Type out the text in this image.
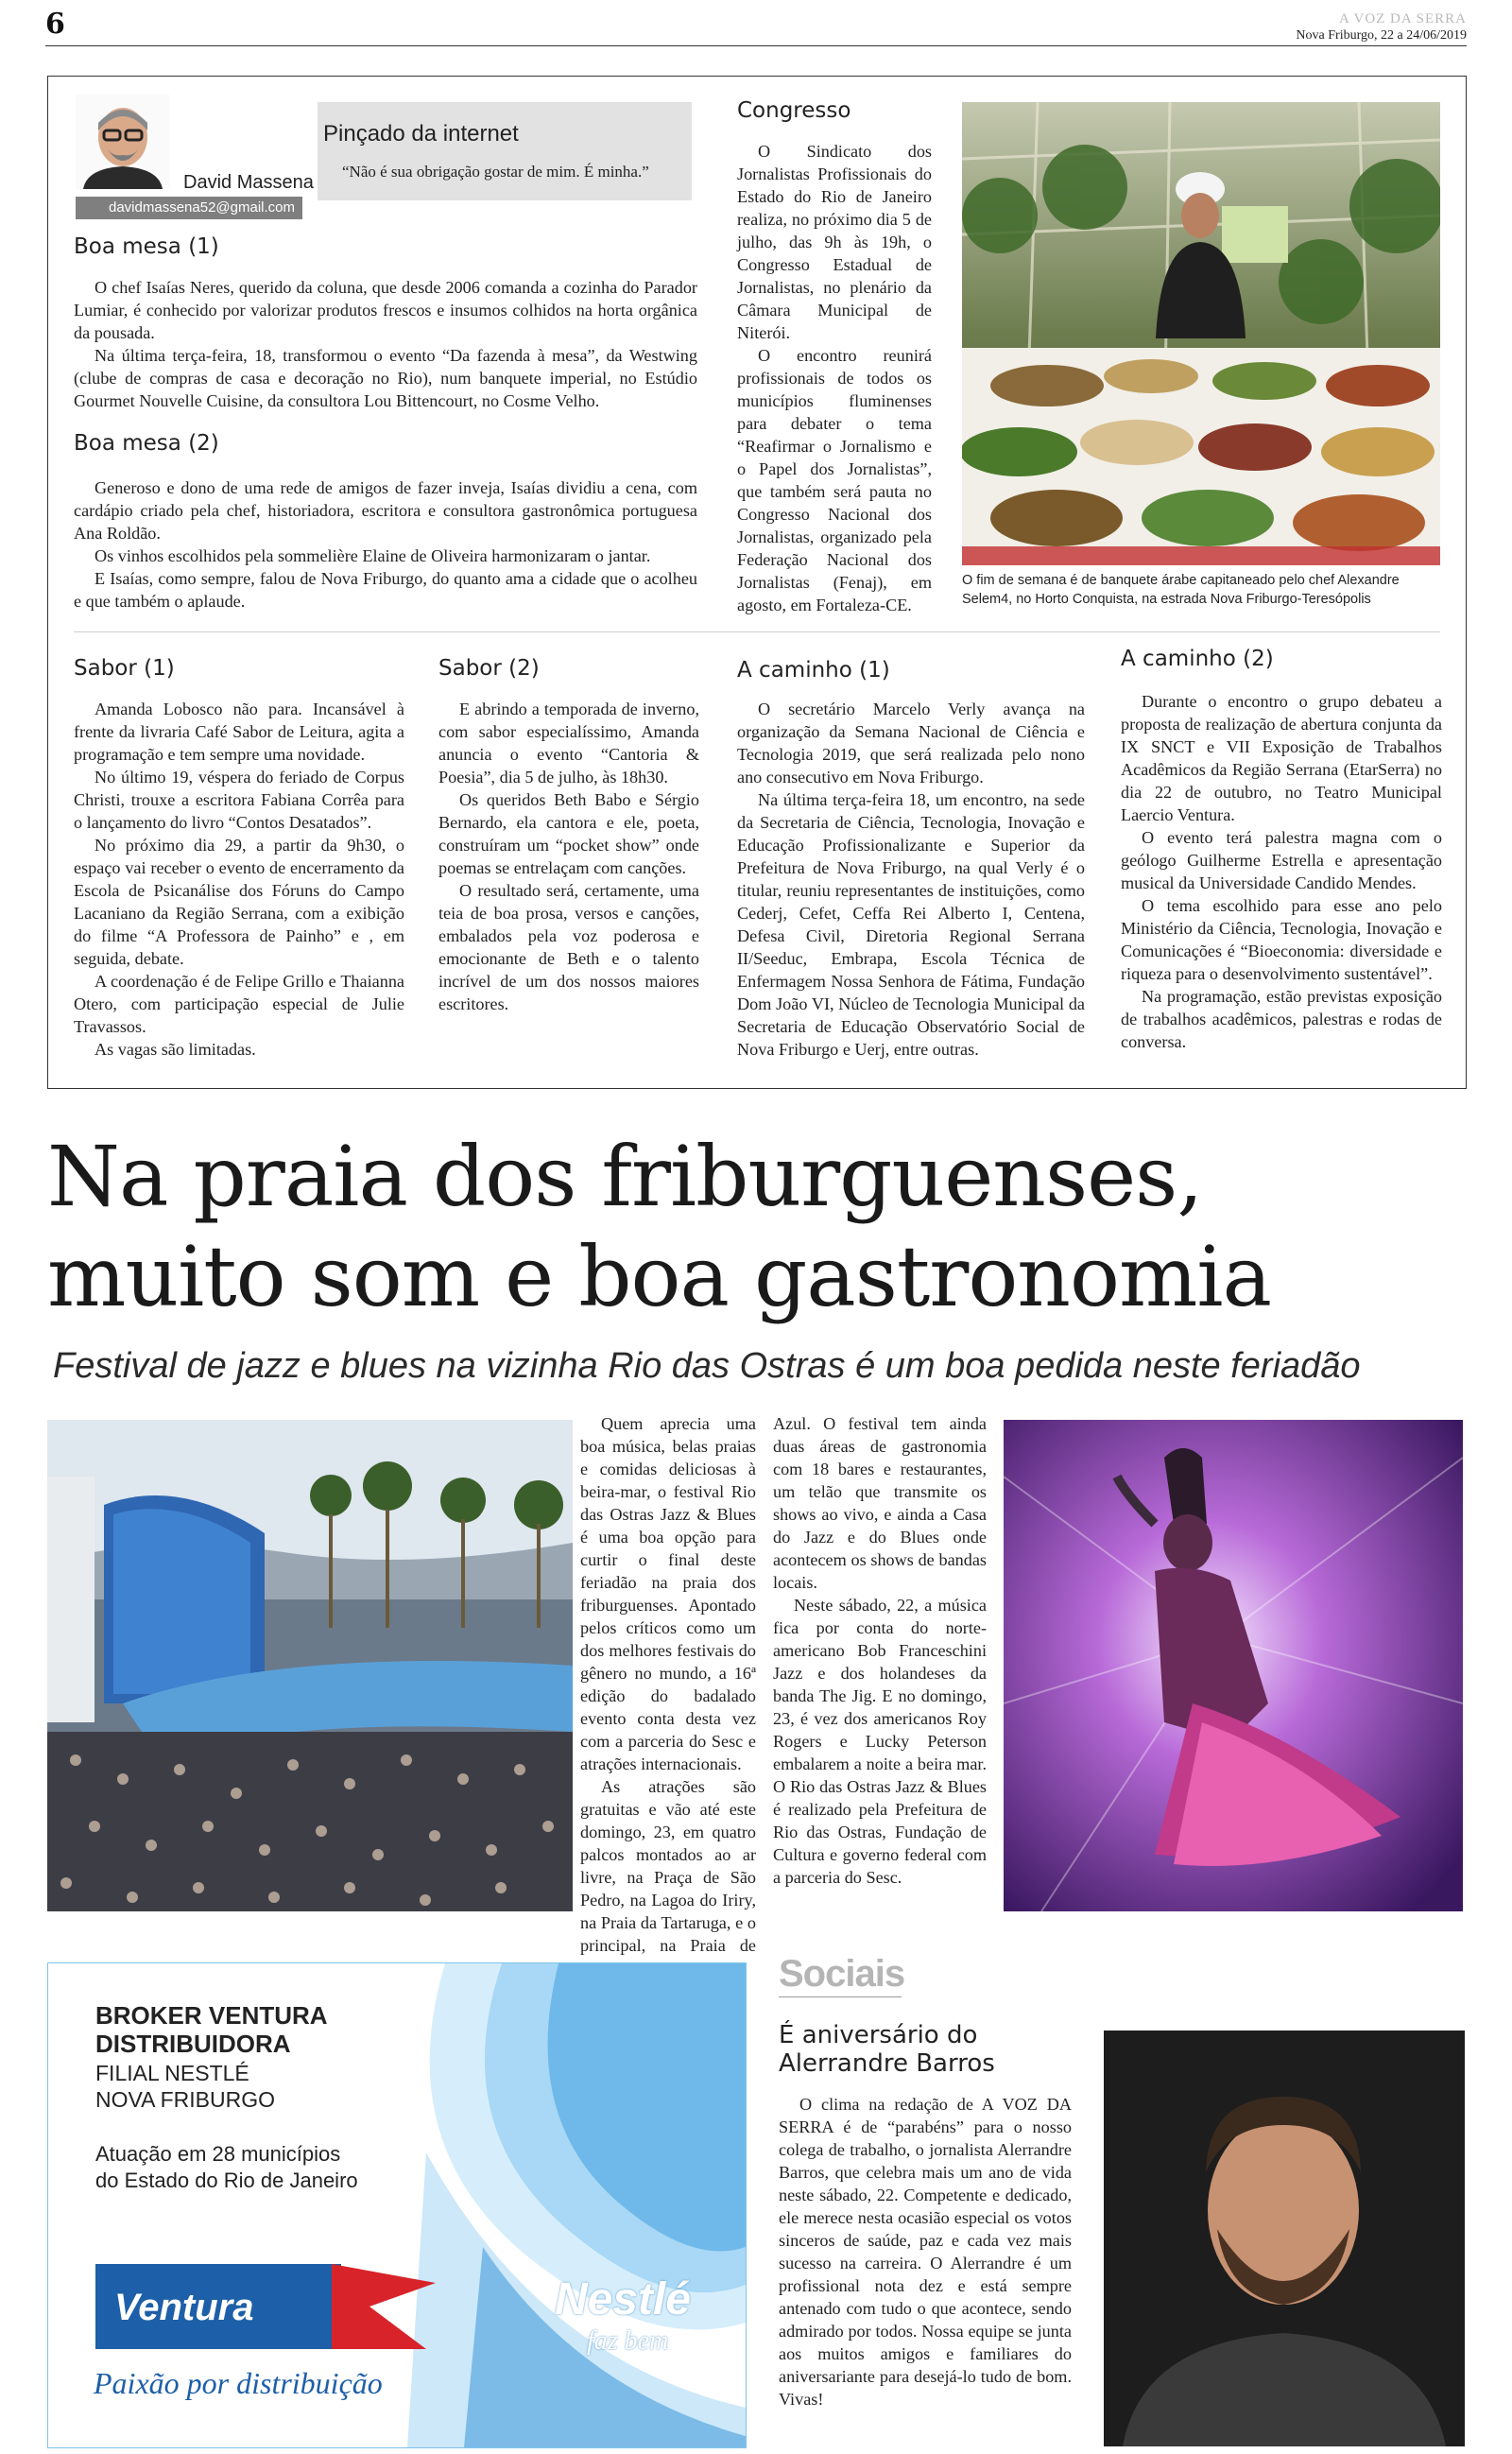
6	A VOZ DA SERRA
Nova Friburgo, 22 a 24/06/2019
David Massena
davidmassena52@gmail.com
Pinçado da internet
“Não é sua obrigação gostar de mim. É minha.”
Boa mesa (1)

O chef Isaías Neres, querido da coluna, que desde 2006 comanda a cozinha do Parador Lumiar, é conhecido por valorizar produtos frescos e insumos colhidos na horta orgânica da pousada.

Na última terça-feira, 18, transformou o evento “Da fazenda à mesa”, da Westwing (clube de compras de casa e decoração no Rio), num banquete imperial, no Estúdio Gourmet Nouvelle Cuisine, da consultora Lou Bittencourt, no Cosme Velho.

Boa mesa (2)

Generoso e dono de uma rede de amigos de fazer inveja, Isaías dividiu a cena, com cardápio criado pela chef, historiadora, escritora e consultora gastronômica portuguesa Ana Roldão.

Os vinhos escolhidos pela sommelière Elaine de Oliveira harmonizaram o jantar.

E Isaías, como sempre, falou de Nova Friburgo, do quanto ama a cidade que o acolheu e que também o aplaude.

Congresso

O Sindicato dos Jornalistas Profissionais do Estado do Rio de Janeiro realiza, no próximo dia 5 de julho, das 9h às 19h, o Congresso Estadual de Jornalistas, no plenário da Câmara Municipal de Niterói.

O encontro reunirá profissionais de todos os municípios fluminenses para debater o tema “Reafirmar o Jornalismo e o Papel dos Jornalistas”, que também será pauta no Congresso Nacional dos Jornalistas, organizado pela Federação Nacional dos Jornalistas (Fenaj), em agosto, em Fortaleza-CE.

O fim de semana é de banquete árabe capitaneado pelo chef Alexandre Selem4, no Horto Conquista, na estrada Nova Friburgo-Teresópolis
Sabor (1)

Amanda Lobosco não para. Incansável à frente da livraria Café Sabor de Leitura, agita a programação e tem sempre uma novidade.

No último 19, véspera do feriado de Corpus Christi, trouxe a escritora Fabiana Corrêa para o lançamento do livro “Contos Desatados”.

No próximo dia 29, a partir da 9h30, o espaço vai receber o evento de encerramento da Escola de Psicanálise dos Fóruns do Campo Lacaniano da Região Serrana, com a exibição do filme “A Professora de Painho” e , em seguida, debate.

A coordenação é de Felipe Grillo e Thaianna Otero, com participação especial de Julie Travassos.

As vagas são limitadas.

Sabor (2)

E abrindo a temporada de inverno, com sabor especialíssimo, Amanda anuncia o evento “Cantoria & Poesia”, dia 5 de julho, às 18h30.

Os queridos Beth Babo e Sérgio Bernardo, ela cantora e ele, poeta, construíram um “pocket show” onde poemas se entrelaçam com canções.

O resultado será, certamente, uma teia de boa prosa, versos e canções, embalados pela voz poderosa e emocionante de Beth e o talento incrível de um dos nossos maiores escritores.

A caminho (1)

O secretário Marcelo Verly avança na organização da Semana Nacional de Ciência e Tecnologia 2019, que será realizada pelo nono ano consecutivo em Nova Friburgo.

Na última terça-feira 18, um encontro, na sede da Secretaria de Ciência, Tecnologia, Inovação e Educação Profissionalizante e Superior da Prefeitura de Nova Friburgo, na qual Verly é o titular, reuniu representantes de instituições, como Cederj, Cefet, Ceffa Rei Alberto I, Centena, Defesa Civil, Diretoria Regional Serrana II/Seeduc, Embrapa, Escola Técnica de Enfermagem Nossa Senhora de Fátima, Fundação Dom João VI, Núcleo de Tecnologia Municipal da Secretaria de Educação Observatório Social de Nova Friburgo e Uerj, entre outras.

A caminho (2)

Durante o encontro o grupo debateu a proposta de realização de abertura conjunta da IX SNCT e VII Exposição de Trabalhos Acadêmicos da Região Serrana (EtarSerra) no dia 22 de outubro, no Teatro Municipal Laercio Ventura.

O evento terá palestra magna com o geólogo Guilherme Estrella e apresentação musical da Universidade Candido Mendes.

O tema escolhido para esse ano pelo Ministério da Ciência, Tecnologia, Inovação e Comunicações é “Bioeconomia: diversidade e riqueza para o desenvolvimento sustentável”.

Na programação, estão previstas exposição de trabalhos acadêmicos, palestras e rodas de conversa.

Na praia dos friburguenses,
muito som e boa gastronomia
Festival de jazz e blues na vizinha Rio das Ostras é um boa pedida neste feriadão

Quem aprecia uma boa música, belas praias e comidas deliciosas à beira-mar, o festival Rio das Ostras Jazz & Blues é uma boa opção para curtir o final deste feriadão na praia dos friburguenses. Apontado pelos críticos como um dos melhores festivais do gênero no mundo, a 16ª edição do badalado evento conta desta vez com a parceria do Sesc e atrações internacionais.

As atrações são gratuitas e vão até este domingo, 23, em quatro palcos montados ao ar livre, na Praça de São Pedro, na Lagoa do Iriry, na Praia da Tartaruga, e o principal, na Praia de

Azul. O festival tem ainda duas áreas de gastronomia com 18 bares e restaurantes, um telão que transmite os shows ao vivo, e ainda a Casa do Jazz e do Blues onde acontecem os shows de bandas locais.

Neste sábado, 22, a música fica por conta do norte-americano Bob Franceschini Jazz e dos holandeses da banda The Jig. E no domingo, 23, é vez dos americanos Roy Rogers e Lucky Peterson embalarem a noite a beira mar. O Rio das Ostras Jazz & Blues é realizado pela Prefeitura de Rio das Ostras, Fundação de Cultura e governo federal com a parceria do Sesc.

BROKER VENTURA
DISTRIBUIDORA
FILIAL NESTLÉ
NOVA FRIBURGO
Atuação em 28 municípios
do Estado do Rio de Janeiro
Nestlé
faz bem
Ventura
Paixão por distribuição
Sociais
É aniversário do
Alerrandre Barros

O clima na redação de A VOZ DA SERRA é de “parabéns” para o nosso colega de trabalho, o jornalista Alerrandre Barros, que celebra mais um ano de vida neste sábado, 22. Competente e dedicado, ele merece nesta ocasião especial os votos sinceros de saúde, paz e cada vez mais sucesso na carreira. O Alerrandre é um profissional nota dez e está sempre antenado com tudo o que acontece, sendo admirado por todos. Nossa equipe se junta aos muitos amigos e familiares do aniversariante para desejá-lo tudo de bom. Vivas!
